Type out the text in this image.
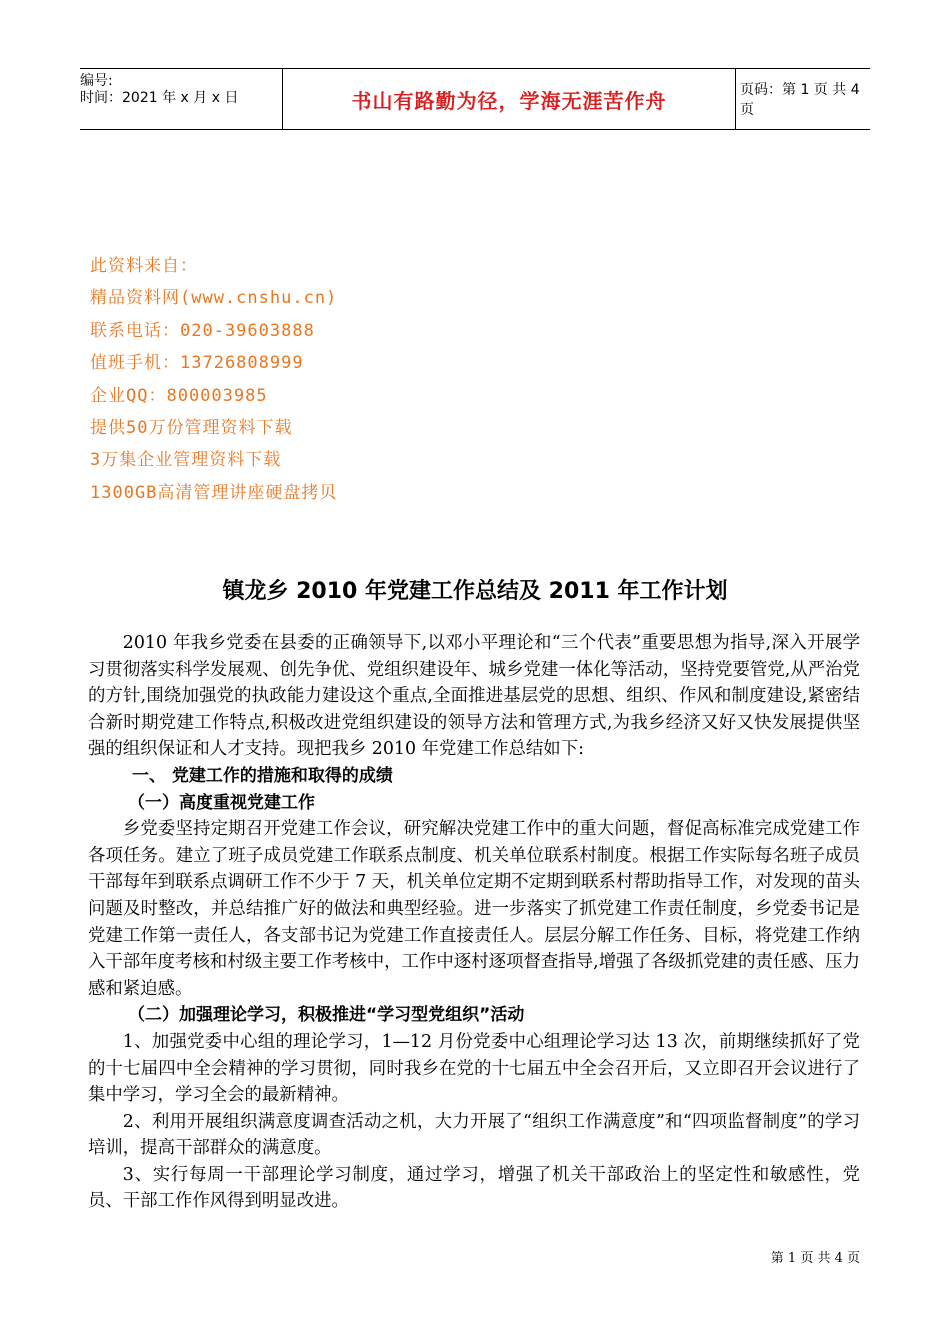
编号:
时间：2021 年 x 月 x 日	书山有路勤为径，学海无涯苦作舟	页码：第 1 页 共 4 页
此资料来自：
精品资料网(www.cnshu.cn)
联系电话：020-39603888
值班手机：13726808999
企业QQ：800003985
提供50万份管理资料下载
3万集企业管理资料下载
1300GB高清管理讲座硬盘拷贝
镇龙乡 2010 年党建工作总结及 2011 年工作计划

2010 年我乡党委在县委的正确领导下,以邓小平理论和“三个代表”重要思想为指导,深入开展学习贯彻落实科学发展观、创先争优、党组织建设年、城乡党建一体化等活动，坚持党要管党,从严治党的方针,围绕加强党的执政能力建设这个重点,全面推进基层党的思想、组织、作风和制度建设,紧密结合新时期党建工作特点,积极改进党组织建设的领导方法和管理方式,为我乡经济又好又快发展提供坚强的组织保证和人才支持。现把我乡 2010 年党建工作总结如下:

一、 党建工作的措施和取得的成绩

（一）高度重视党建工作

乡党委坚持定期召开党建工作会议，研究解决党建工作中的重大问题，督促高标准完成党建工作各项任务。建立了班子成员党建工作联系点制度、机关单位联系村制度。根据工作实际每名班子成员干部每年到联系点调研工作不少于 7 天，机关单位定期不定期到联系村帮助指导工作，对发现的苗头问题及时整改，并总结推广好的做法和典型经验。进一步落实了抓党建工作责任制度，乡党委书记是党建工作第一责任人，各支部书记为党建工作直接责任人。层层分解工作任务、目标，将党建工作纳入干部年度考核和村级主要工作考核中，工作中逐村逐项督查指导,增强了各级抓党建的责任感、压力感和紧迫感。

（二）加强理论学习，积极推进“学习型党组织”活动

1、加强党委中心组的理论学习，1—12 月份党委中心组理论学习达 13 次，前期继续抓好了党的十七届四中全会精神的学习贯彻，同时我乡在党的十七届五中全会召开后，又立即召开会议进行了集中学习，学习全会的最新精神。

2、利用开展组织满意度调查活动之机，大力开展了“组织工作满意度”和“四项监督制度”的学习培训，提高干部群众的满意度。

3、实行每周一干部理论学习制度，通过学习，增强了机关干部政治上的坚定性和敏感性，党员、干部工作作风得到明显改进。

第 1 页 共 4 页
